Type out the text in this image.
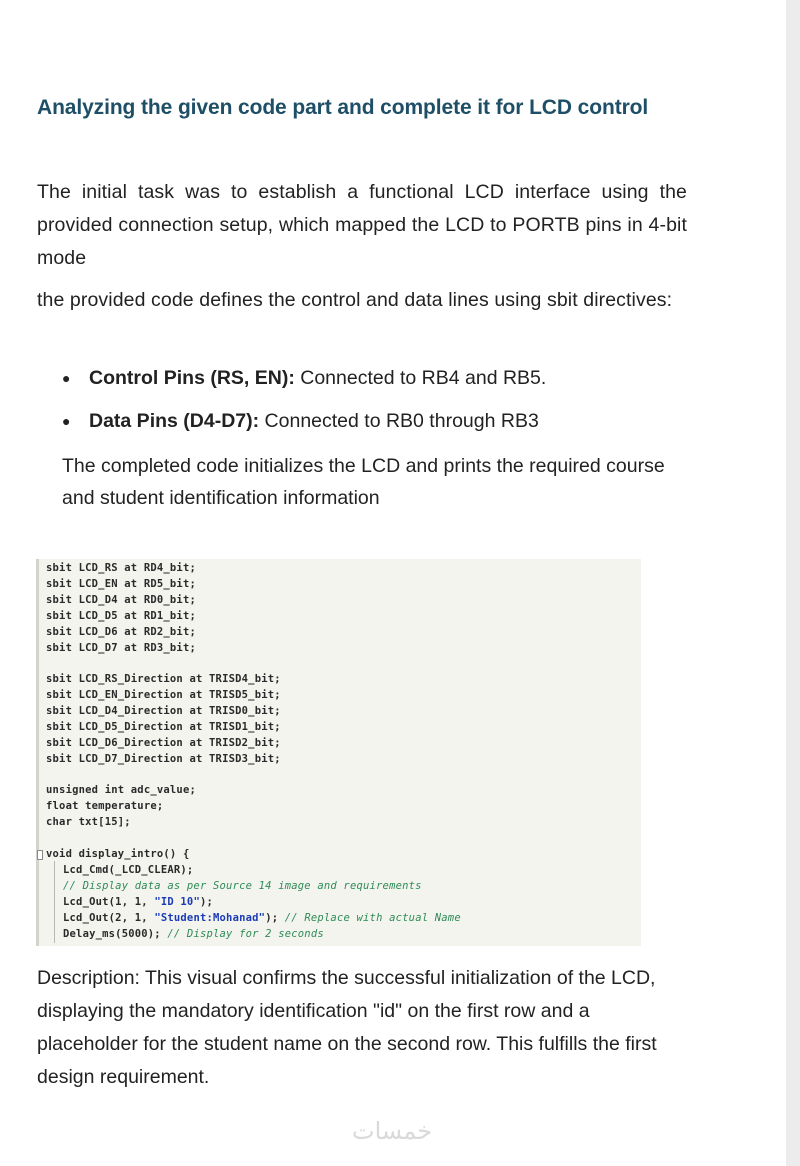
Analyzing the given code part and complete it for LCD control

The initial task was to establish a functional LCD interface using the provided connection setup, which mapped the LCD to PORTB pins in 4-bit mode

the provided code defines the control and data lines using sbit directives:

● Control Pins (RS, EN): Connected to RB4 and RB5.
● Data Pins (D4-D7): Connected to RB0 through RB3

The completed code initializes the LCD and prints the required course and student identification information

sbit LCD_RS at RD4_bit;
sbit LCD_EN at RD5_bit;
sbit LCD_D4 at RD0_bit;
sbit LCD_D5 at RD1_bit;
sbit LCD_D6 at RD2_bit;
sbit LCD_D7 at RD3_bit;
sbit LCD_RS_Direction at TRISD4_bit;
sbit LCD_EN_Direction at TRISD5_bit;
sbit LCD_D4_Direction at TRISD0_bit;
sbit LCD_D5_Direction at TRISD1_bit;
sbit LCD_D6_Direction at TRISD2_bit;
sbit LCD_D7_Direction at TRISD3_bit;
unsigned int adc_value;
float temperature;
char txt[15];
void display_intro() {
Lcd_Cmd(_LCD_CLEAR);
// Display data as per Source 14 image and requirements
Lcd_Out(1, 1, "ID 10");
Lcd_Out(2, 1, "Student:Mohanad"); // Replace with actual Name
Delay_ms(5000); // Display for 2 seconds

Description: This visual confirms the successful initialization of the LCD, displaying the mandatory identification "id" on the first row and a placeholder for the student name on the second row. This fulfills the first design requirement.

خمسات
